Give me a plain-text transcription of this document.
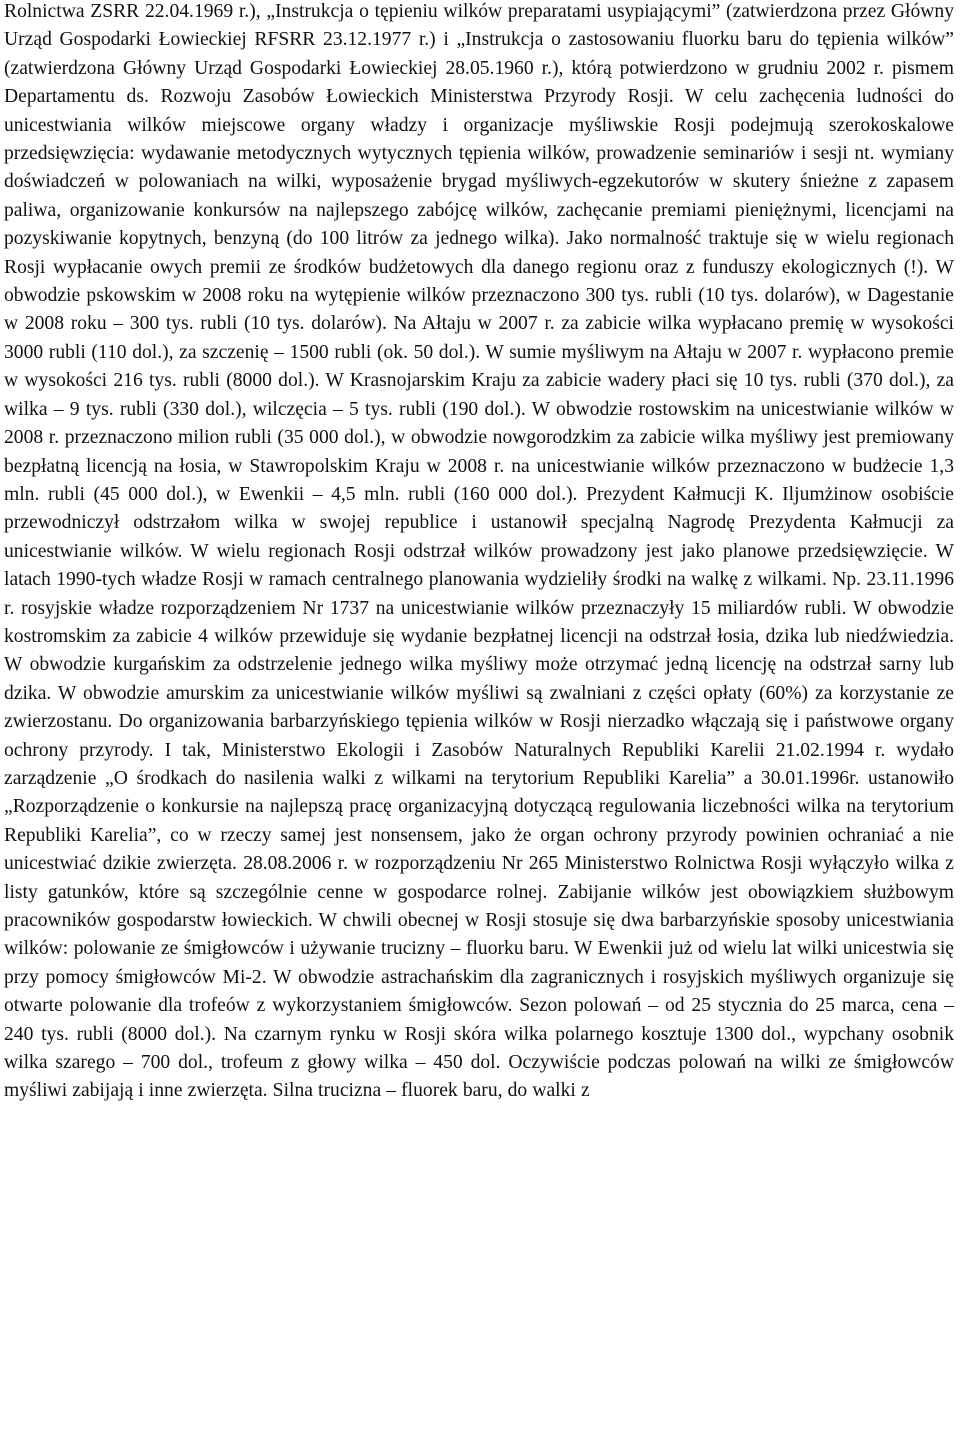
Rolnictwa ZSRR 22.04.1969 r.), „Instrukcja o tępieniu wilków preparatami usypiającymi” (zatwierdzona przez Główny Urząd Gospodarki Łowieckiej RFSRR 23.12.1977 r.) i „Instrukcja o zastosowaniu fluorku baru do tępienia wilków” (zatwierdzona Główny Urząd Gospodarki Łowieckiej 28.05.1960 r.), którą potwierdzono w grudniu 2002 r. pismem Departamentu ds. Rozwoju Zasobów Łowieckich Ministerstwa Przyrody Rosji. W celu zachęcenia ludności do unicestwiania wilków miejscowe organy władzy i organizacje myśliwskie Rosji podejmują szerokoskalowe przedsięwzięcia: wydawanie metodycznych wytycznych tępienia wilków, prowadzenie seminariów i sesji nt. wymiany doświadczeń w polowaniach na wilki, wyposażenie brygad myśliwych-egzekutorów w skutery śnieżne z zapasem paliwa, organizowanie konkursów na najlepszego zabójcę wilków, zachęcanie premiami pieniężnymi, licencjami na pozyskiwanie kopytnych, benzyną (do 100 litrów za jednego wilka). Jako normalność traktuje się w wielu regionach Rosji wypłacanie owych premii ze środków budżetowych dla danego regionu oraz z funduszy ekologicznych (!). W obwodzie pskowskim w 2008 roku na wytępienie wilków przeznaczono 300 tys. rubli (10 tys. dolarów), w Dagestanie w 2008 roku – 300 tys. rubli (10 tys. dolarów). Na Ałtaju w 2007 r. za zabicie wilka wypłacano premię w wysokości 3000 rubli (110 dol.), za szczenię – 1500 rubli (ok. 50 dol.). W sumie myśliwym na Ałtaju w 2007 r. wypłacono premie w wysokości 216 tys. rubli (8000 dol.). W Krasnojarskim Kraju za zabicie wadery płaci się 10 tys. rubli (370 dol.), za wilka – 9 tys. rubli (330 dol.), wilczęcia – 5 tys. rubli (190 dol.). W obwodzie rostowskim na unicestwianie wilków w 2008 r. przeznaczono milion rubli (35 000 dol.), w obwodzie nowgorodzkim za zabicie wilka myśliwy jest premiowany bezpłatną licencją na łosia, w Stawropolskim Kraju w 2008 r. na unicestwianie wilków przeznaczono w budżecie 1,3 mln. rubli (45 000 dol.), w Ewenkii – 4,5 mln. rubli (160 000 dol.). Prezydent Kałmucji K. Iljumżinow osobiście przewodniczył odstrzałom wilka w swojej republice i ustanowił specjalną Nagrodę Prezydenta Kałmucji za unicestwianie wilków. W wielu regionach Rosji odstrzał wilków prowadzony jest jako planowe przedsięwzięcie. W latach 1990-tych władze Rosji w ramach centralnego planowania wydzieliły środki na walkę z wilkami. Np. 23.11.1996 r. rosyjskie władze rozporządzeniem Nr 1737 na unicestwianie wilków przeznaczyły 15 miliardów rubli. W obwodzie kostromskim za zabicie 4 wilków przewiduje się wydanie bezpłatnej licencji na odstrzał łosia, dzika lub niedźwiedzia. W obwodzie kurgańskim za odstrzelenie jednego wilka myśliwy może otrzymać jedną licencję na odstrzał sarny lub dzika. W obwodzie amurskim za unicestwianie wilków myśliwi są zwalniani z części opłaty (60%) za korzystanie ze zwierzostanu. Do organizowania barbarzyńskiego tępienia wilków w Rosji nierzadko włączają się i państwowe organy ochrony przyrody. I tak, Ministerstwo Ekologii i Zasobów Naturalnych Republiki Karelii 21.02.1994 r. wydało zarządzenie „O środkach do nasilenia walki z wilkami na terytorium Republiki Karelia” a 30.01.1996r. ustanowiło „Rozporządzenie o konkursie na najlepszą pracę organizacyjną dotyczącą regulowania liczebności wilka na terytorium Republiki Karelia”, co w rzeczy samej jest nonsensem, jako że organ ochrony przyrody powinien ochraniać a nie unicestwiać dzikie zwierzęta. 28.08.2006 r. w rozporządzeniu Nr 265 Ministerstwo Rolnictwa Rosji wyłączyło wilka z listy gatunków, które są szczególnie cenne w gospodarce rolnej. Zabijanie wilków jest obowiązkiem służbowym pracowników gospodarstw łowieckich. W chwili obecnej w Rosji stosuje się dwa barbarzyńskie sposoby unicestwiania wilków: polowanie ze śmigłowców i używanie trucizny – fluorku baru. W Ewenkii już od wielu lat wilki unicestwia się przy pomocy śmigłowców Mi-2. W obwodzie astrachańskim dla zagranicznych i rosyjskich myśliwych organizuje się otwarte polowanie dla trofeów z wykorzystaniem śmigłowców. Sezon polowań – od 25 stycznia do 25 marca, cena – 240 tys. rubli (8000 dol.). Na czarnym rynku w Rosji skóra wilka polarnego kosztuje 1300 dol., wypchany osobnik wilka szarego – 700 dol., trofeum z głowy wilka – 450 dol. Oczywiście podczas polowań na wilki ze śmigłowców myśliwi zabijają i inne zwierzęta. Silna trucizna – fluorek baru, do walki z
